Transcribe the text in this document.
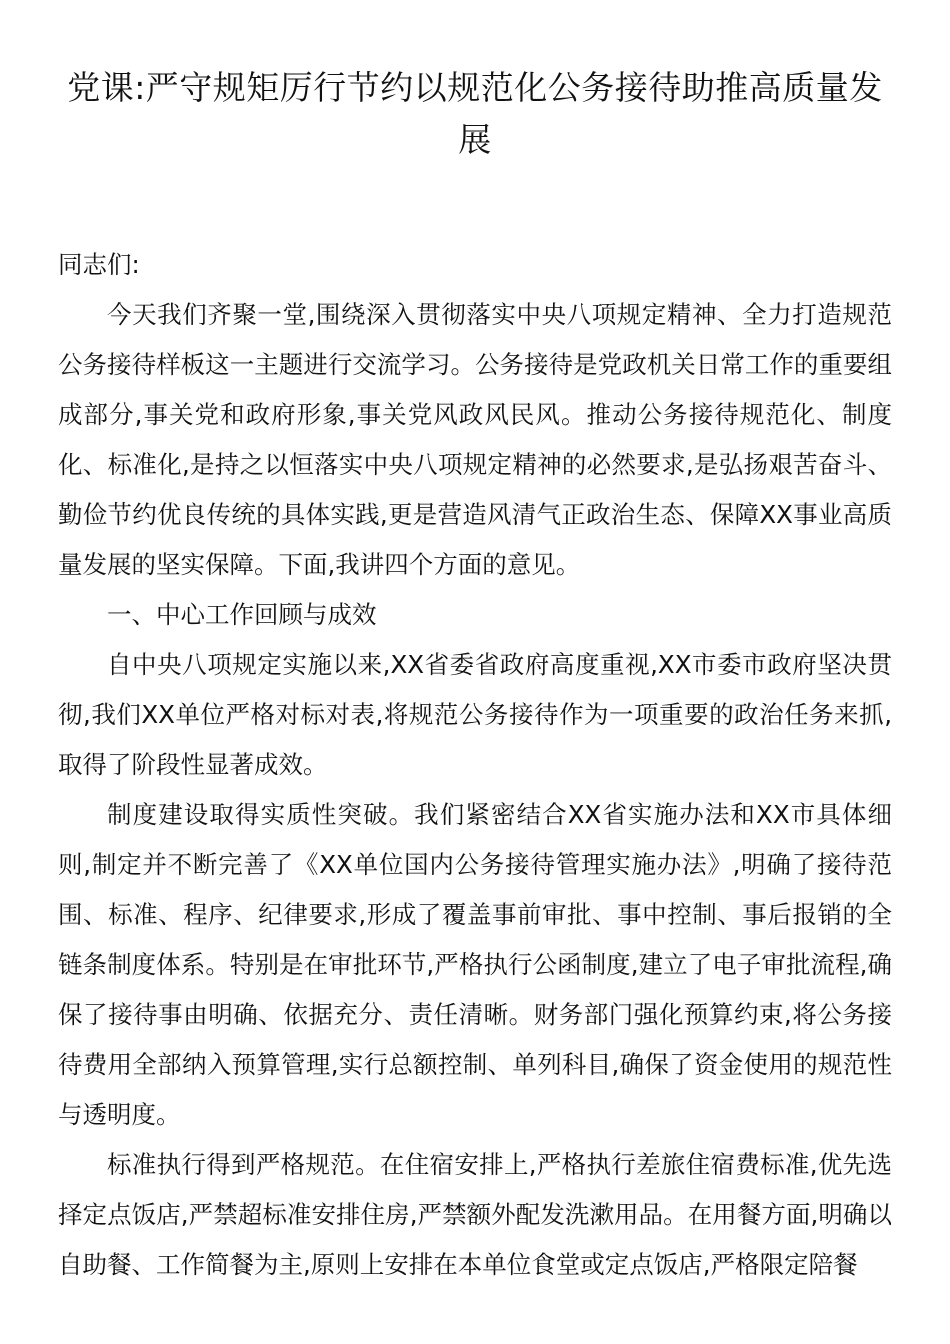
党课:严守规矩厉行节约以规范化公务接待助推高质量发展

同志们:

今天我们齐聚一堂,围绕深入贯彻落实中央八项规定精神、全力打造规范公务接待样板这一主题进行交流学习。公务接待是党政机关日常工作的重要组成部分,事关党和政府形象,事关党风政风民风。推动公务接待规范化、制度化、标准化,是持之以恒落实中央八项规定精神的必然要求,是弘扬艰苦奋斗、勤俭节约优良传统的具体实践,更是营造风清气正政治生态、保障XX事业高质量发展的坚实保障。下面,我讲四个方面的意见。

一、中心工作回顾与成效

自中央八项规定实施以来,XX省委省政府高度重视,XX市委市政府坚决贯彻,我们XX单位严格对标对表,将规范公务接待作为一项重要的政治任务来抓,取得了阶段性显著成效。

制度建设取得实质性突破。我们紧密结合XX省实施办法和XX市具体细则,制定并不断完善了《XX单位国内公务接待管理实施办法》,明确了接待范围、标准、程序、纪律要求,形成了覆盖事前审批、事中控制、事后报销的全链条制度体系。特别是在审批环节,严格执行公函制度,建立了电子审批流程,确保了接待事由明确、依据充分、责任清晰。财务部门强化预算约束,将公务接待费用全部纳入预算管理,实行总额控制、单列科目,确保了资金使用的规范性与透明度。

标准执行得到严格规范。在住宿安排上,严格执行差旅住宿费标准,优先选择定点饭店,严禁超标准安排住房,严禁额外配发洗漱用品。在用餐方面,明确以自助餐、工作简餐为主,原则上安排在本单位食堂或定点饭店,严格限定陪餐
